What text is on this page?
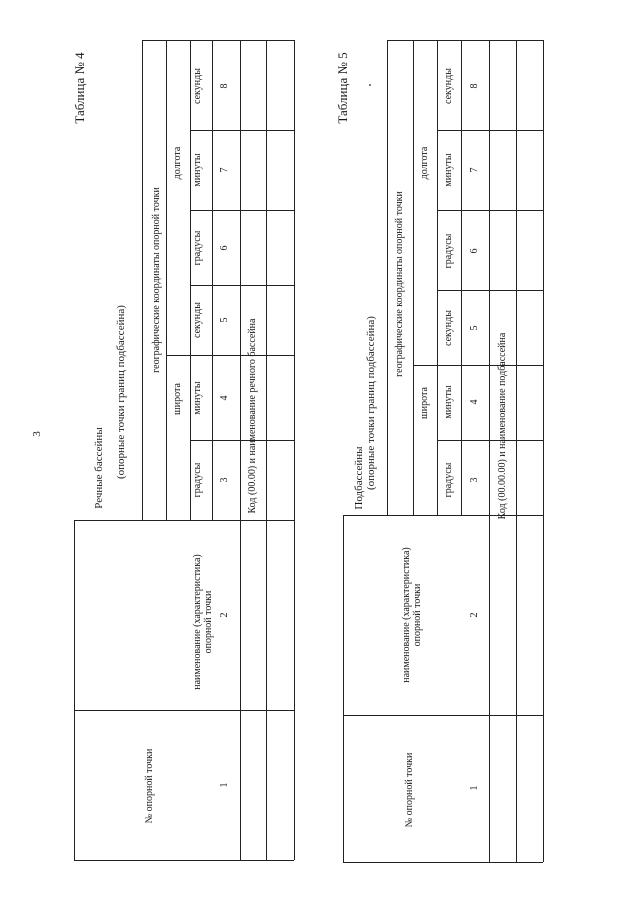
3
Таблица № 4
Речные бассейны (опорные точки границ подбассейна)
№ опорной точки
наименование (характеристика) опорной точки
географические координаты опорной точки
широта
долгота
градусы
минуты
секунды
градусы
минуты
секунды
1
2
3
4
5
6
7
8
Код (00.00) и наименование речного бассейна
Таблица № 5
Подбассейны (опорные точки границ подбассейна)
№ опорной точки
наименование (характеристика) опорной точки
географические координаты опорной точки
широта
долгота
градусы
минуты
секунды
градусы
минуты
секунды
1
2
3
4
5
6
7
8
Код (00.00.00) и наименование подбассейна
